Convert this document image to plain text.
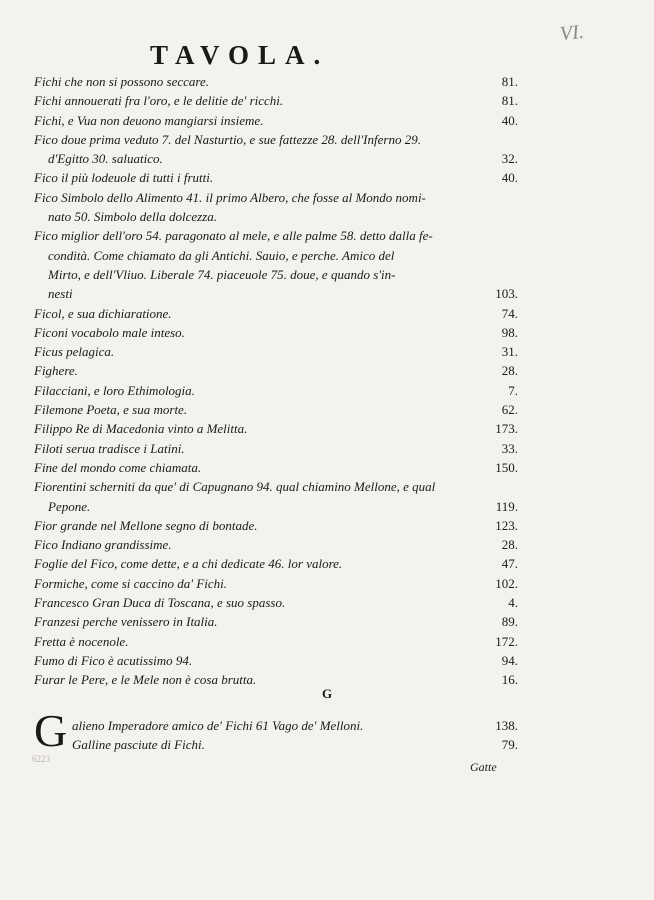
VI.
TAVOLA.
Fichi che non si possono seccare.	81.
Fichi annouerati fra l'oro, e le delitie de' ricchi.	81.
Fichi, e Vua non deuono mangiarsi insieme.	40.
Fico doue prima veduto 7. del Nasturtio, e sue fattezze 28. dell'Inferno 29.
d'Egitto 30. saluatico.	32.
Fico il più lodeuole di tutti i frutti.	40.
Fico Simbolo dello Alimento 41. il primo Albero, che fosse al Mondo nomi-
nato 50. Simbolo della dolcezza.
Fico miglior dell'oro 54. paragonato al mele, e alle palme 58. detto dalla fe-
condità. Come chiamato da gli Antichi. Sauio, e perche. Amico del
Mirto, e dell'Vliuo. Liberale 74. piaceuole 75. doue, e quando s'in-
nesti	103.
Ficol, e sua dichiaratione.	74.
Ficoni vocabolo male inteso.	98.
Ficus pelagica.	31.
Fighere.	28.
Filacciani, e loro Ethimologia.	7.
Filemone Poeta, e sua morte.	62.
Filippo Re di Macedonia vinto a Melitta.	173.
Filoti serua tradisce i Latini.	33.
Fine del mondo come chiamata.	150.
Fiorentini scherniti da que' di Capugnano 94. qual chiamino Mellone, e qual
Pepone.	119.
Fior grande nel Mellone segno di bontade.	123.
Fico Indiano grandissime.	28.
Foglie del Fico, come dette, e a chi dedicate 46. lor valore.	47.
Formiche, come si caccino da' Fichi.	102.
Francesco Gran Duca di Toscana, e suo spasso.	4.
Franzesi perche venissero in Italia.	89.
Fretta è nocenole.	172.
Fumo di Fico è acutissimo 94.	94.
Furar le Pere, e le Mele non è cosa brutta.	16.
G
G alieno Imperadore amico de' Fichi 61 Vago de' Melloni.	138.
Galline pasciute di Fichi.	79.
6223
Gatte
